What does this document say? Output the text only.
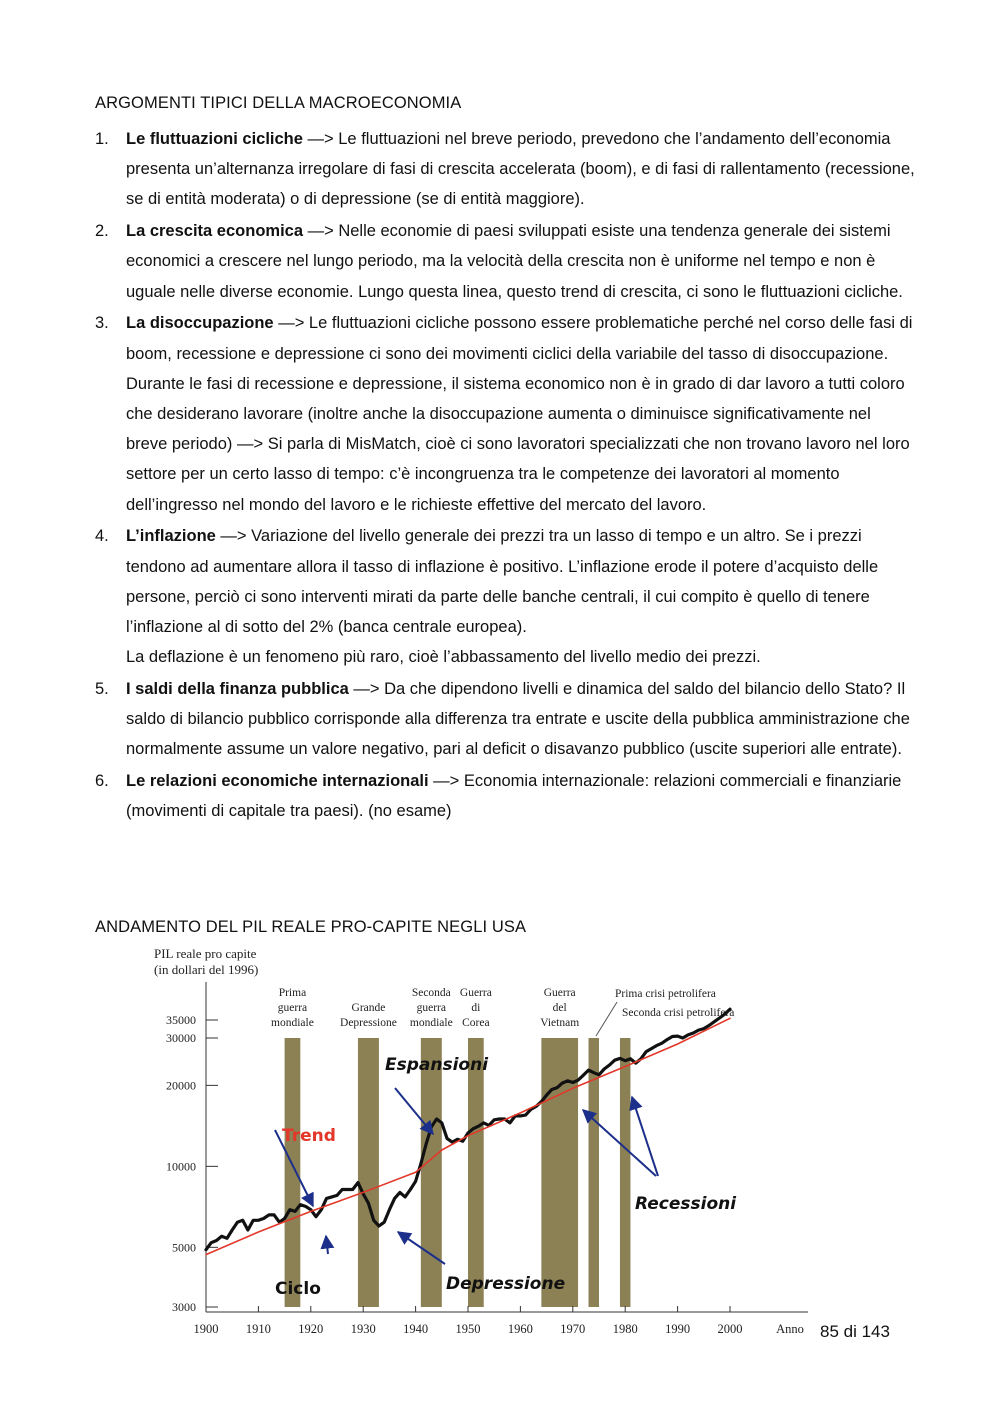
ARGOMENTI TIPICI DELLA MACROECONOMIA
1. Le fluttuazioni cicliche —> Le fluttuazioni nel breve periodo, prevedono che l’andamento dell’economia presenta un’alternanza irregolare di fasi di crescita accelerata (boom), e di fasi di rallentamento (recessione, se di entità moderata) o di depressione (se di entità maggiore).
2. La crescita economica —> Nelle economie di paesi sviluppati esiste una tendenza generale dei sistemi economici a crescere nel lungo periodo, ma la velocità della crescita non è uniforme nel tempo e non è uguale nelle diverse economie. Lungo questa linea, questo trend di crescita, ci sono le fluttuazioni cicliche.
3. La disoccupazione —> Le fluttuazioni cicliche possono essere problematiche perché nel corso delle fasi di boom, recessione e depressione ci sono dei movimenti ciclici della variabile del tasso di disoccupazione. Durante le fasi di recessione e depressione, il sistema economico non è in grado di dar lavoro a tutti coloro che desiderano lavorare (inoltre anche la disoccupazione aumenta o diminuisce significativamente nel breve periodo) —> Si parla di MisMatch, cioè ci sono lavoratori specializzati che non trovano lavoro nel loro settore per un certo lasso di tempo: c’è incongruenza tra le competenze dei lavoratori al momento dell’ingresso nel mondo del lavoro e le richieste effettive del mercato del lavoro.
4. L’inflazione —> Variazione del livello generale dei prezzi tra un lasso di tempo e un altro. Se i prezzi tendono ad aumentare allora il tasso di inflazione è positivo. L’inflazione erode il potere d’acquisto delle persone, perciò ci sono interventi mirati da parte delle banche centrali, il cui compito è quello di tenere l’inflazione al di sotto del 2% (banca centrale europea).
La deflazione è un fenomeno più raro, cioè l’abbassamento del livello medio dei prezzi.
5. I saldi della finanza pubblica —> Da che dipendono livelli e dinamica del saldo del bilancio dello Stato? Il saldo di bilancio pubblico corrisponde alla differenza tra entrate e uscite della pubblica amministrazione che normalmente assume un valore negativo, pari al deficit o disavanzo pubblico (uscite superiori alle entrate).
6. Le relazioni economiche internazionali —> Economia internazionale: relazioni commerciali e finanziarie (movimenti di capitale tra paesi). (no esame)
ANDAMENTO DEL PIL REALE PRO-CAPITE NEGLI USA
Prima
guerra
mondiale
Grande
Depressione
Seconda
guerra
mondiale
Guerra
di
Corea
Guerra
del
Vietnam
Prima crisi petrolifera
Seconda crisi petrolifera
3000
5000
10000
20000
30000
35000
1900 1910 1920 1930 1940 1950 1960 1970 1980 1990 2000	Anno
PIL reale pro capite
(in dollari del 1996)
Espansioni
Trend
Recessioni
Ciclo	Depressione
85 di 143
